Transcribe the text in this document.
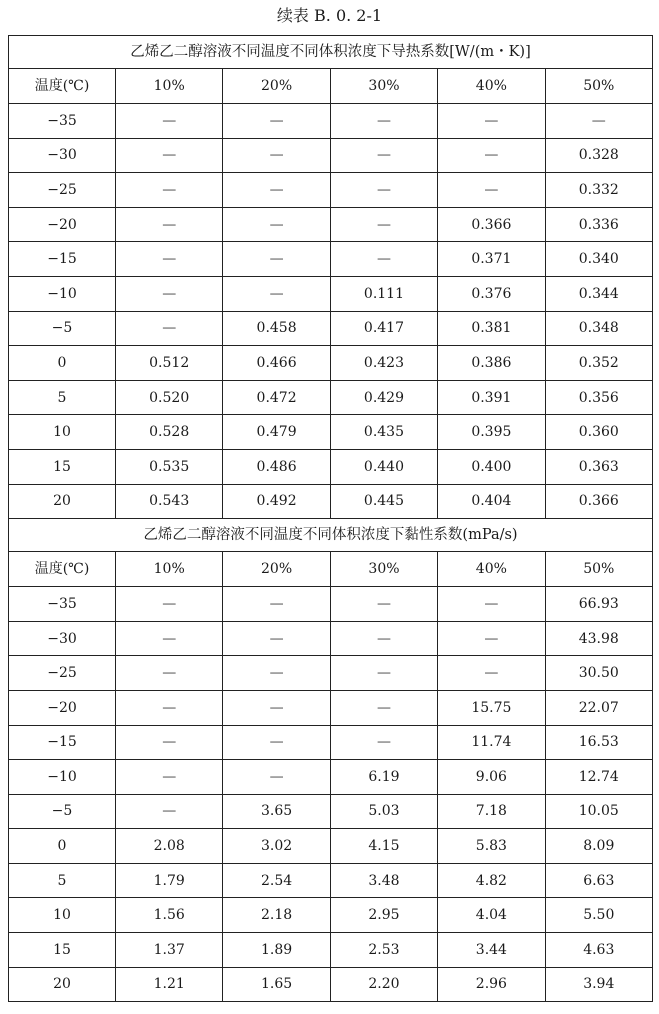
续表 B. 0. 2-1
乙烯乙二醇溶液不同温度不同体积浓度下导热系数[W/(m・K)]					
温度(℃)	10%	20%	30%	40%	50%
−35	—	—	—	—	—
−30	—	—	—	—	0.328
−25	—	—	—	—	0.332
−20	—	—	—	0.366	0.336
−15	—	—	—	0.371	0.340
−10	—	—	0.111	0.376	0.344
−5	—	0.458	0.417	0.381	0.348
0	0.512	0.466	0.423	0.386	0.352
5	0.520	0.472	0.429	0.391	0.356
10	0.528	0.479	0.435	0.395	0.360
15	0.535	0.486	0.440	0.400	0.363
20	0.543	0.492	0.445	0.404	0.366
乙烯乙二醇溶液不同温度不同体积浓度下黏性系数(mPa/s)					
温度(℃)	10%	20%	30%	40%	50%
−35	—	—	—	—	66.93
−30	—	—	—	—	43.98
−25	—	—	—	—	30.50
−20	—	—	—	15.75	22.07
−15	—	—	—	11.74	16.53
−10	—	—	6.19	9.06	12.74
−5	—	3.65	5.03	7.18	10.05
0	2.08	3.02	4.15	5.83	8.09
5	1.79	2.54	3.48	4.82	6.63
10	1.56	2.18	2.95	4.04	5.50
15	1.37	1.89	2.53	3.44	4.63
20	1.21	1.65	2.20	2.96	3.94
